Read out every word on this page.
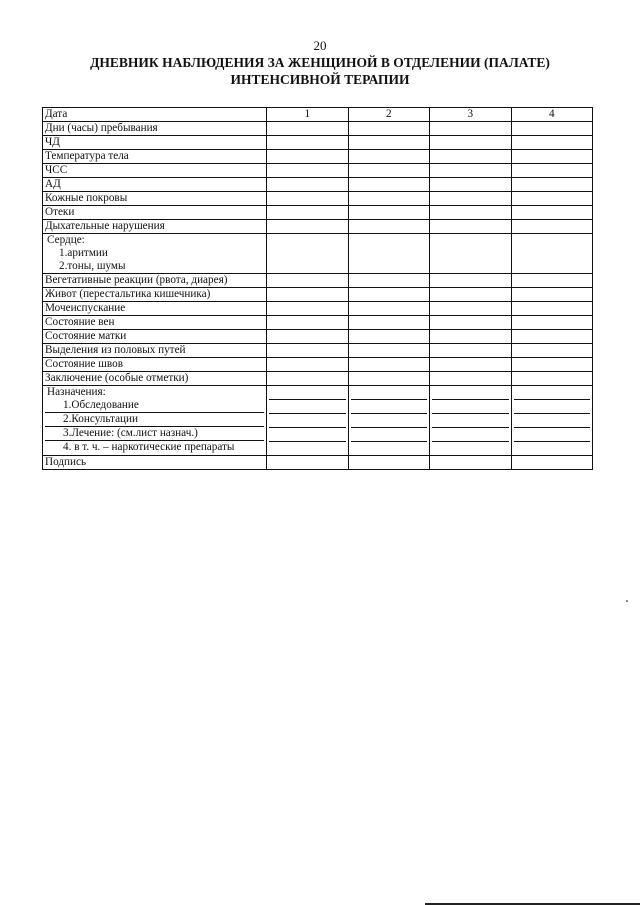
20
ДНЕВНИК НАБЛЮДЕНИЯ ЗА ЖЕНЩИНОЙ В ОТДЕЛЕНИИ (ПАЛАТЕ)
ИНТЕНСИВНОЙ ТЕРАПИИ
Дата	1	2	3	4
Дни (часы) пребывания				
ЧД				
Температура тела				
ЧСС				
АД				
Кожные покровы				
Отеки				
Дыхательные нарушения				

Сердце:
1.аритмии
2.тоны, шумы				

Вегетативные реакции (рвота, диарея)				
Живот (перестальтика кишечника)				
Мочеиспускание				
Состояние вен				
Состояние матки				
Выделения из половых путей				
Состояние швов				
Заключение (особые отметки)				

Назначения:
1.Обследование
2.Консультации
3.Лечение: (см.лист назнач.)
4. в т. ч. – наркотические препараты				

Подпись				
